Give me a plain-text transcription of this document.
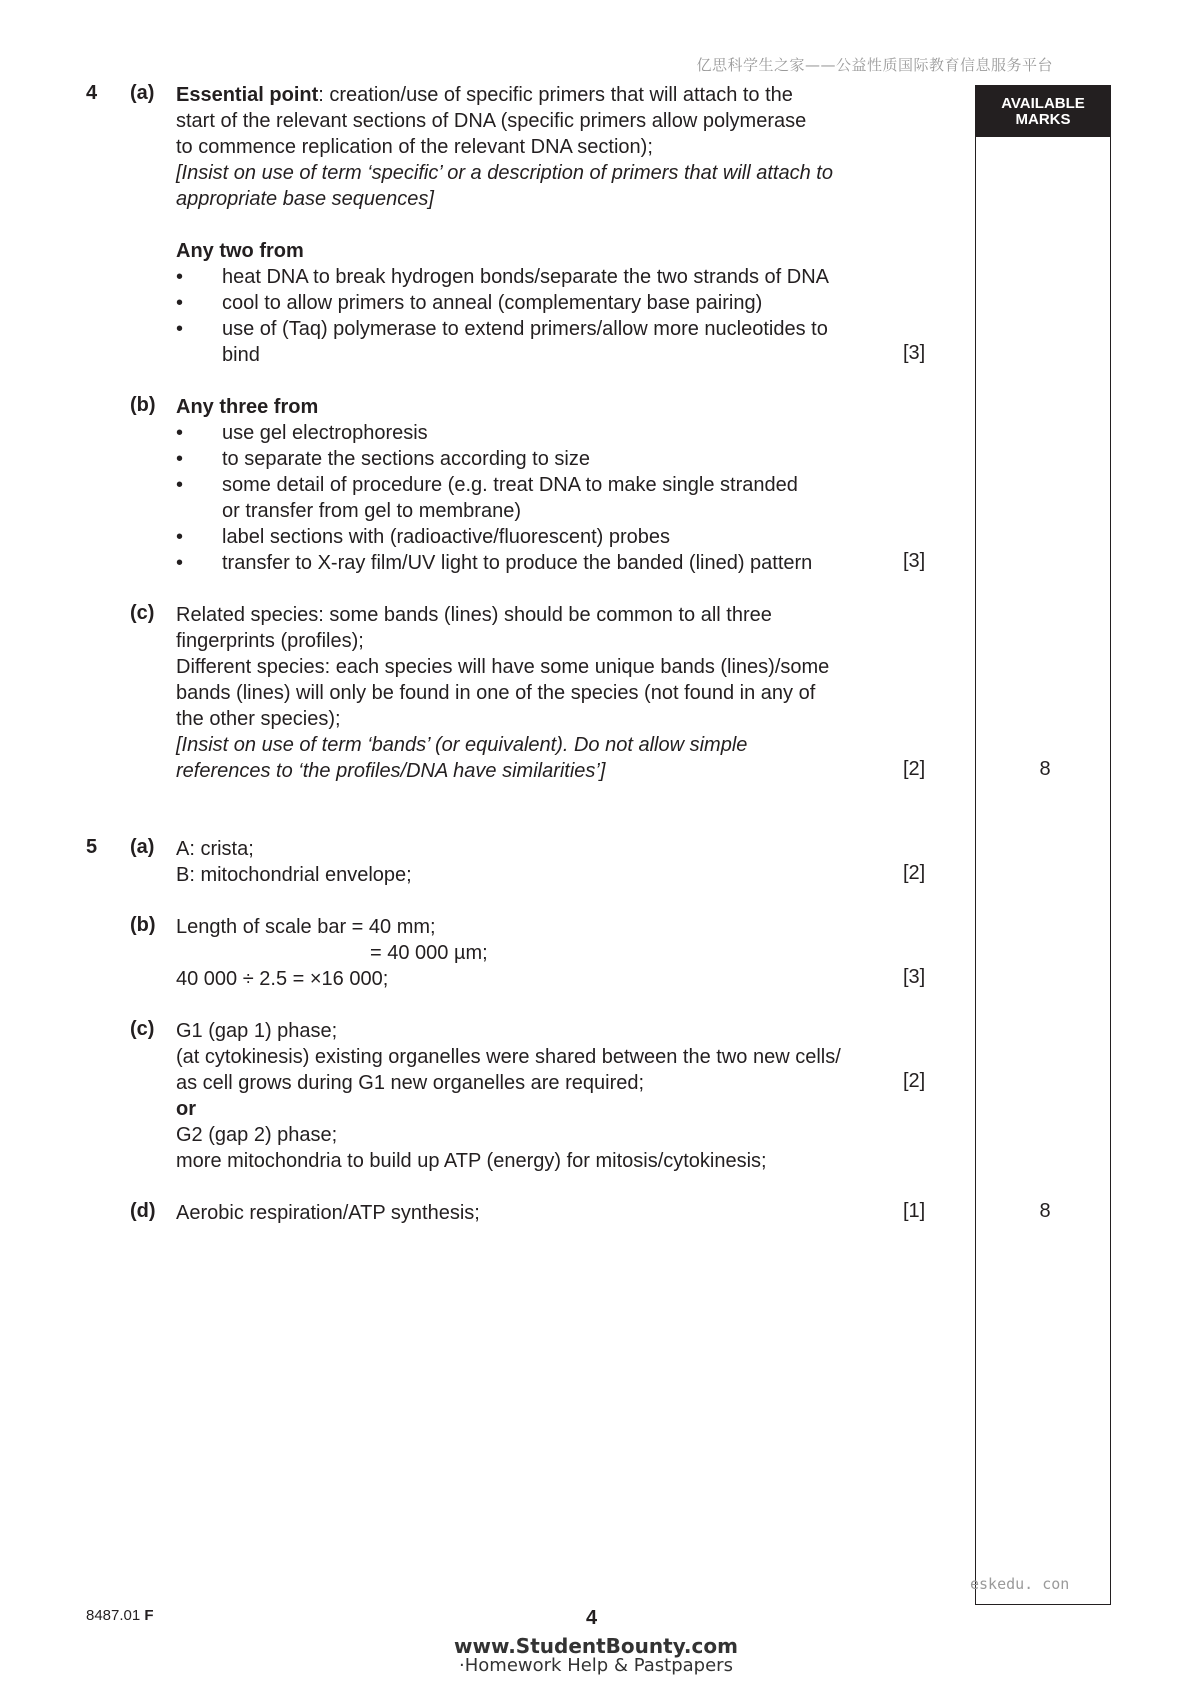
亿思科学生之家——公益性质国际教育信息服务平台
AVAILABLE
MARKS
4 (a) Essential point: creation/use of specific primers that will attach to the
start of the relevant sections of DNA (specific primers allow polymerase
to commence replication of the relevant DNA section);
[Insist on use of term ‘specific’ or a description of primers that will attach to
appropriate base sequences]
Any two from
• heat DNA to break hydrogen bonds/separate the two strands of DNA
• cool to allow primers to anneal (complementary base pairing)
• use of (Taq) polymerase to extend primers/allow more nucleotides to
bind	[3]
(b) Any three from
• use gel electrophoresis
• to separate the sections according to size
• some detail of procedure (e.g. treat DNA to make single stranded
or transfer from gel to membrane)
• label sections with (radioactive/fluorescent) probes
• transfer to X-ray film/UV light to produce the banded (lined) pattern	[3]
(c) Related species: some bands (lines) should be common to all three
fingerprints (profiles);
Different species: each species will have some unique bands (lines)/some
bands (lines) will only be found in one of the species (not found in any of
the other species);
[Insist on use of term ‘bands’ (or equivalent). Do not allow simple
references to ‘the profiles/DNA have similarities’]	[2]	8
5 (a) A: crista;
B: mitochondrial envelope;	[2]
(b) Length of scale bar = 40 mm;
= 40 000 µm;
40 000 ÷ 2.5 = ×16 000;	[3]
(c) G1 (gap 1) phase;
(at cytokinesis) existing organelles were shared between the two new cells/
as cell grows during G1 new organelles are required;
or
G2 (gap 2) phase;
more mitochondria to build up ATP (energy) for mitosis/cytokinesis;
[2]
(d) Aerobic respiration/ATP synthesis;	[1]	8
eskedu. con
8487.01 F	4
www.StudentBounty.com
·Homework Help & Pastpapers
